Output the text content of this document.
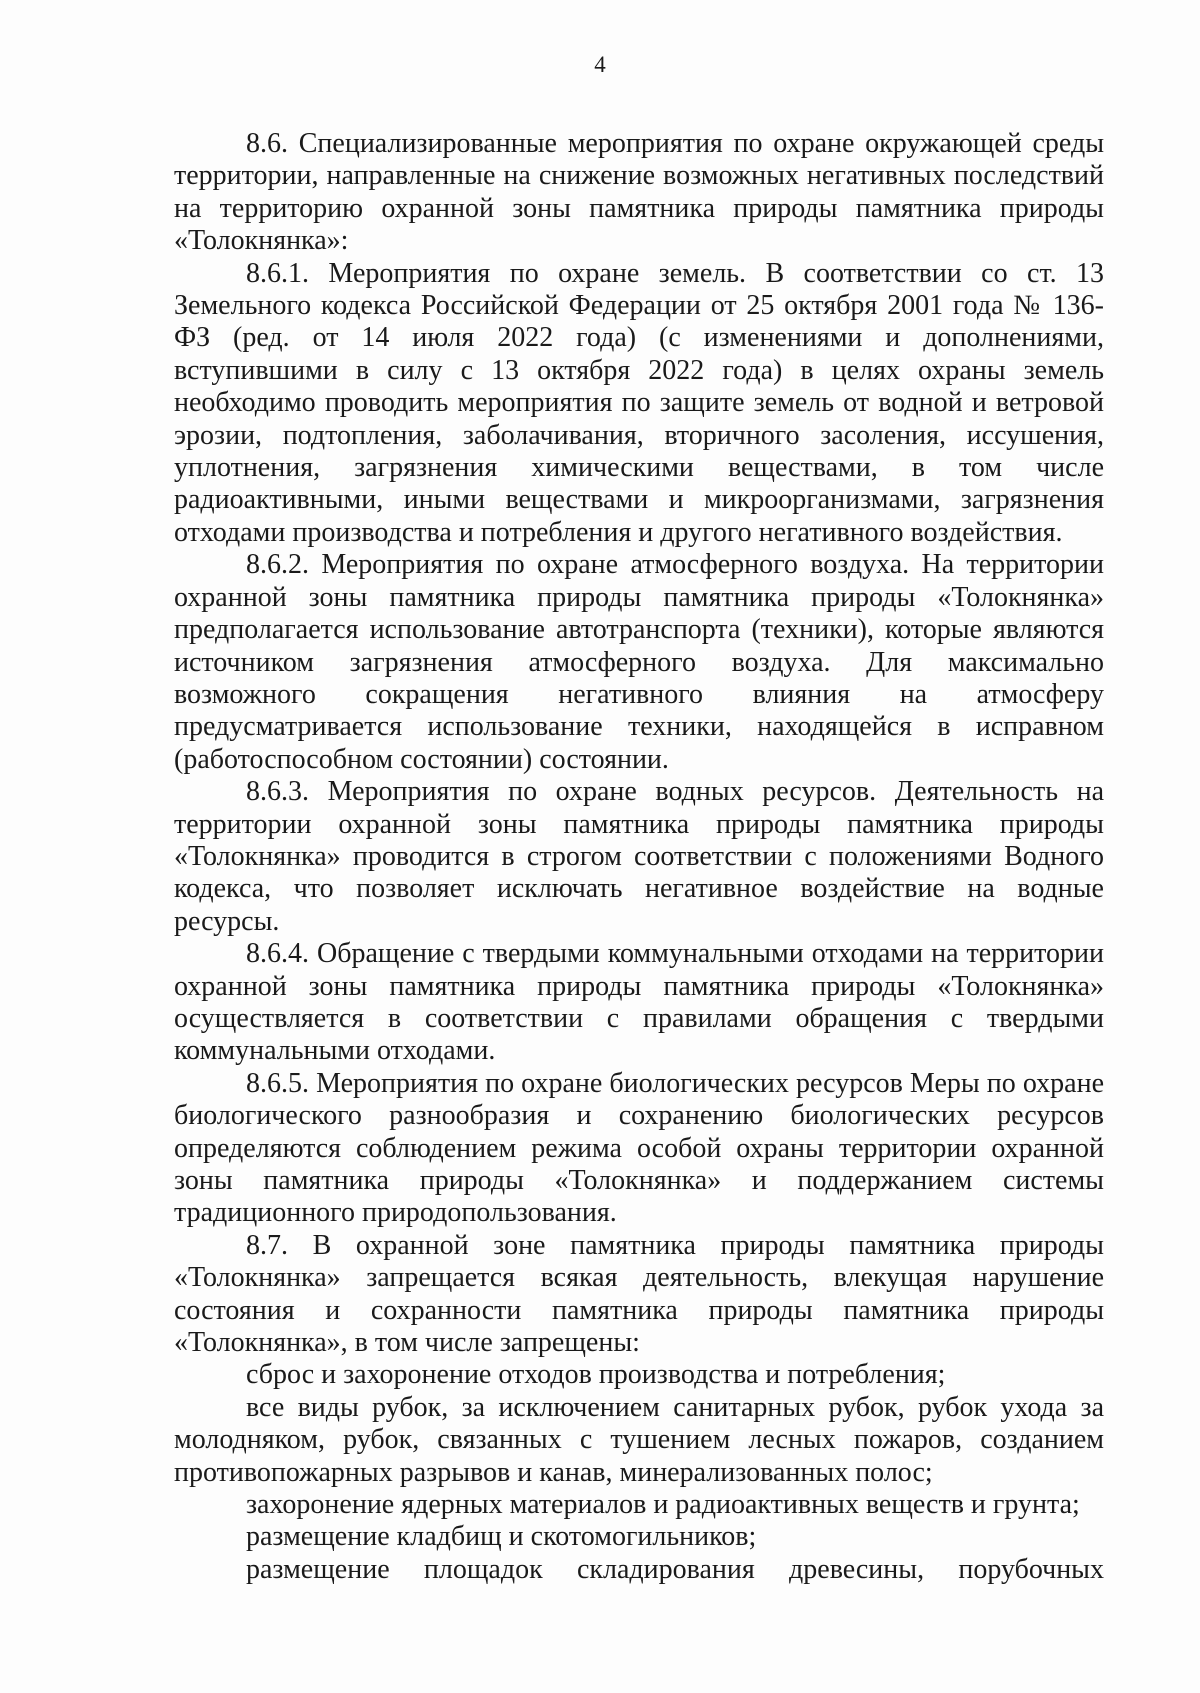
4

8.6. Специализированные мероприятия по охране окружающей среды территории, направленные на снижение возможных негативных последствий на территорию охранной зоны памятника природы памятника природы «Толокнянка»:

8.6.1. Мероприятия по охране земель. В соответствии со ст. 13 Земельного кодекса Российской Федерации от 25 октября 2001 года № 136-ФЗ (ред. от 14 июля 2022 года) (с изменениями и дополнениями, вступившими в силу с 13 октября 2022 года) в целях охраны земель необходимо проводить мероприятия по защите земель от водной и ветровой эрозии, подтопления, заболачивания, вторичного засоления, иссушения, уплотнения, загрязнения химическими веществами, в том числе радиоактивными, иными веществами и микроорганизмами, загрязнения отходами производства и потребления и другого негативного воздействия.

8.6.2. Мероприятия по охране атмосферного воздуха. На территории охранной зоны памятника природы памятника природы «Толокнянка» предполагается использование автотранспорта (техники), которые являются источником загрязнения атмосферного воздуха. Для максимально возможного сокращения негативного влияния на атмосферу предусматривается использование техники, находящейся в исправном (работоспособном состоянии) состоянии.

8.6.3. Мероприятия по охране водных ресурсов. Деятельность на территории охранной зоны памятника природы памятника природы «Толокнянка» проводится в строгом соответствии с положениями Водного кодекса, что позволяет исключать негативное воздействие на водные ресурсы.

8.6.4. Обращение с твердыми коммунальными отходами на территории охранной зоны памятника природы памятника природы «Толокнянка» осуществляется в соответствии с правилами обращения с твердыми коммунальными отходами.

8.6.5. Мероприятия по охране биологических ресурсов Меры по охране биологического разнообразия и сохранению биологических ресурсов определяются соблюдением режима особой охраны территории охранной зоны памятника природы «Толокнянка» и поддержанием системы традиционного природопользования.

8.7. В охранной зоне памятника природы памятника природы «Толокнянка» запрещается всякая деятельность, влекущая нарушение состояния и сохранности памятника природы памятника природы «Толокнянка», в том числе запрещены:

сброс и захоронение отходов производства и потребления;

все виды рубок, за исключением санитарных рубок, рубок ухода за молодняком, рубок, связанных с тушением лесных пожаров, созданием противопожарных разрывов и канав, минерализованных полос;

захоронение ядерных материалов и радиоактивных веществ и грунта;

размещение кладбищ и скотомогильников;

размещение площадок складирования древесины, порубочных
